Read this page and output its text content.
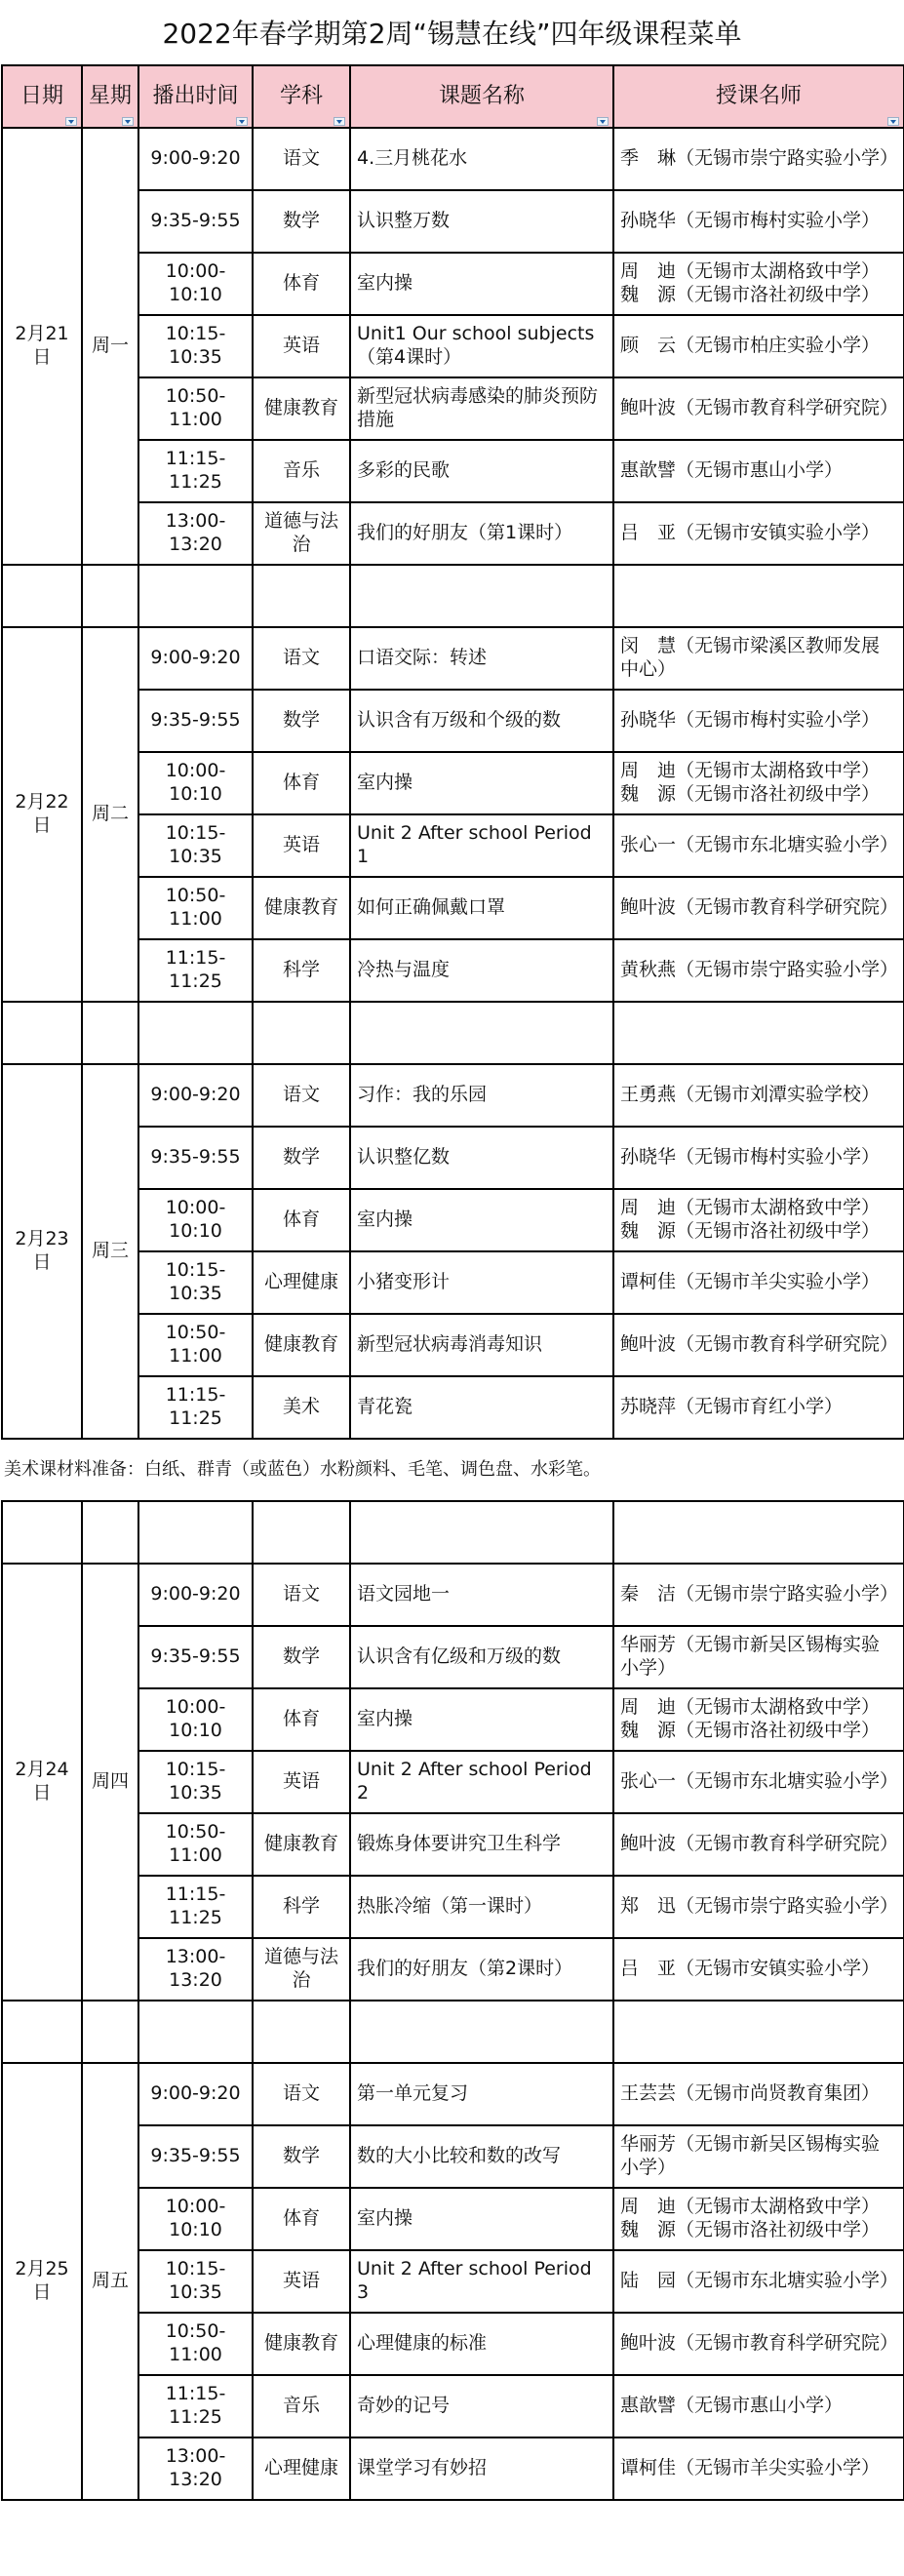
2022年春学期第2周“锡慧在线”四年级课程菜单
日期	星期	播出时间	学科	课题名称	授课名师

2月21日	周一	9:00-9:20	语文	4.三月桃花水	季　琳（无锡市崇宁路实验小学）

		9:35-9:55	数学	认识整万数	孙晓华（无锡市梅村实验小学）

		10:00-10:10	体育	室内操	周　迪（无锡市太湖格致中学）
魏　源（无锡市洛社初级中学）

		10:15-10:35	英语	Unit1 Our school subjects（第4课时）	顾　云（无锡市柏庄实验小学）

		10:50-11:00	健康教育	新型冠状病毒感染的肺炎预防措施	鲍叶波（无锡市教育科学研究院）

		11:15-11:25	音乐	多彩的民歌	惠歆譬（无锡市惠山小学）

		13:00-13:20	道德与法治	我们的好朋友（第1课时）	吕　亚（无锡市安镇实验小学）

2月22日	周二	9:00-9:20	语文	口语交际：转述	闵　慧（无锡市梁溪区教师发展中心）

		9:35-9:55	数学	认识含有万级和个级的数	孙晓华（无锡市梅村实验小学）

		10:00-10:10	体育	室内操	周　迪（无锡市太湖格致中学）
魏　源（无锡市洛社初级中学）

		10:15-10:35	英语	Unit 2 After school Period 1	张心一（无锡市东北塘实验小学）

		10:50-11:00	健康教育	如何正确佩戴口罩	鲍叶波（无锡市教育科学研究院）

		11:15-11:25	科学	冷热与温度	黄秋燕（无锡市崇宁路实验小学）

2月23日	周三	9:00-9:20	语文	习作：我的乐园	王勇燕（无锡市刘潭实验学校）

		9:35-9:55	数学	认识整亿数	孙晓华（无锡市梅村实验小学）

		10:00-10:10	体育	室内操	周　迪（无锡市太湖格致中学）
魏　源（无锡市洛社初级中学）

		10:15-10:35	心理健康	小猪变形计	谭柯佳（无锡市羊尖实验小学）

		10:50-11:00	健康教育	新型冠状病毒消毒知识	鲍叶波（无锡市教育科学研究院）

		11:15-11:25	美术	青花瓷	苏晓萍（无锡市育红小学）

美术课材料准备：白纸、群青（或蓝色）水粉颜料、毛笔、调色盘、水彩笔。					

2月24日	周四	9:00-9:20	语文	语文园地一	秦　洁（无锡市崇宁路实验小学）

		9:35-9:55	数学	认识含有亿级和万级的数	华丽芳（无锡市新吴区锡梅实验小学）

		10:00-10:10	体育	室内操	周　迪（无锡市太湖格致中学）
魏　源（无锡市洛社初级中学）

		10:15-10:35	英语	Unit 2 After school Period 2	张心一（无锡市东北塘实验小学）

		10:50-11:00	健康教育	锻炼身体要讲究卫生科学	鲍叶波（无锡市教育科学研究院）

		11:15-11:25	科学	热胀冷缩（第一课时）	郑　迅（无锡市崇宁路实验小学）

		13:00-13:20	道德与法治	我们的好朋友（第2课时）	吕　亚（无锡市安镇实验小学）

2月25日	周五	9:00-9:20	语文	第一单元复习	王芸芸（无锡市尚贤教育集团）

		9:35-9:55	数学	数的大小比较和数的改写	华丽芳（无锡市新吴区锡梅实验小学）

		10:00-10:10	体育	室内操	周　迪（无锡市太湖格致中学）
魏　源（无锡市洛社初级中学）

		10:15-10:35	英语	Unit 2 After school Period 3	陆　园（无锡市东北塘实验小学）

		10:50-11:00	健康教育	心理健康的标准	鲍叶波（无锡市教育科学研究院）

		11:15-11:25	音乐	奇妙的记号	惠歆譬（无锡市惠山小学）

		13:00-13:20	心理健康	课堂学习有妙招	谭柯佳（无锡市羊尖实验小学）
